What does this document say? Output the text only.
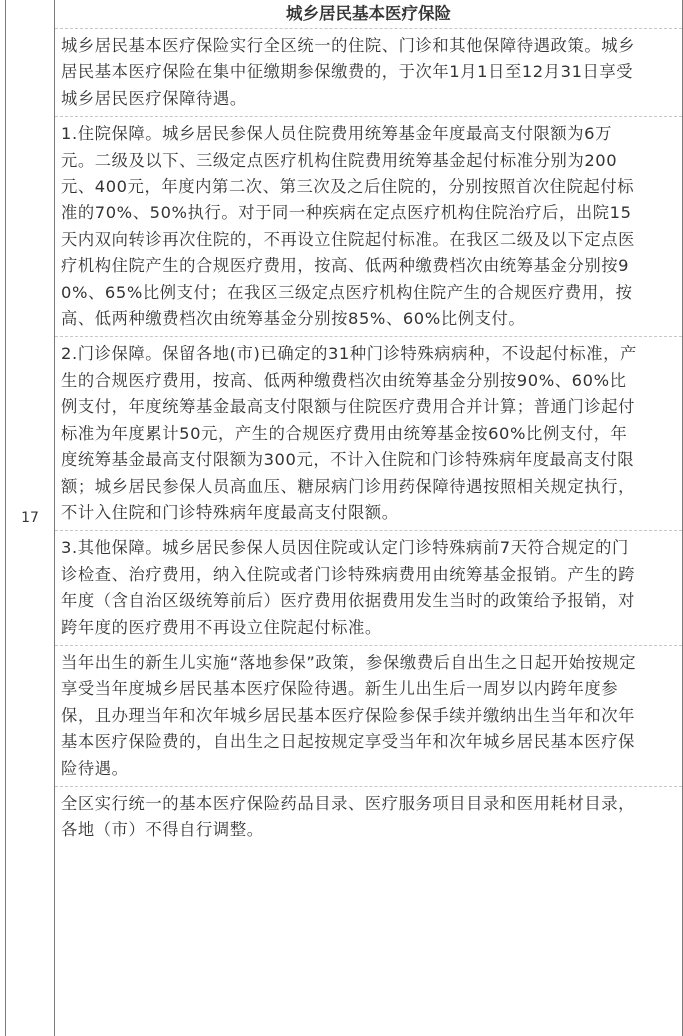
17
城乡居民基本医疗保险
城乡居民基本医疗保险实行全区统一的住院、门诊和其他保障待遇政策。城乡
居民基本医疗保险在集中征缴期参保缴费的，于次年1月1日至12月31日享受
城乡居民医疗保障待遇。
1.住院保障。城乡居民参保人员住院费用统筹基金年度最高支付限额为6万
元。二级及以下、三级定点医疗机构住院费用统筹基金起付标准分别为200
元、400元，年度内第二次、第三次及之后住院的，分别按照首次住院起付标
准的70%、50%执行。对于同一种疾病在定点医疗机构住院治疗后，出院15
天内双向转诊再次住院的，不再设立住院起付标准。在我区二级及以下定点医
疗机构住院产生的合规医疗费用，按高、低两种缴费档次由统筹基金分别按9
0%、65%比例支付；在我区三级定点医疗机构住院产生的合规医疗费用，按
高、低两种缴费档次由统筹基金分别按85%、60%比例支付。
2.门诊保障。保留各地(市)已确定的31种门诊特殊病病种，不设起付标准，产
生的合规医疗费用，按高、低两种缴费档次由统筹基金分别按90%、60%比
例支付，年度统筹基金最高支付限额与住院医疗费用合并计算；普通门诊起付
标准为年度累计50元，产生的合规医疗费用由统筹基金按60%比例支付，年
度统筹基金最高支付限额为300元，不计入住院和门诊特殊病年度最高支付限
额；城乡居民参保人员高血压、糖尿病门诊用药保障待遇按照相关规定执行，
不计入住院和门诊特殊病年度最高支付限额。
3.其他保障。城乡居民参保人员因住院或认定门诊特殊病前7天符合规定的门
诊检查、治疗费用，纳入住院或者门诊特殊病费用由统筹基金报销。产生的跨
年度（含自治区级统筹前后）医疗费用依据费用发生当时的政策给予报销，对
跨年度的医疗费用不再设立住院起付标准。
当年出生的新生儿实施“落地参保”政策，参保缴费后自出生之日起开始按规定
享受当年度城乡居民基本医疗保险待遇。新生儿出生后一周岁以内跨年度参
保，且办理当年和次年城乡居民基本医疗保险参保手续并缴纳出生当年和次年
基本医疗保险费的，自出生之日起按规定享受当年和次年城乡居民基本医疗保
险待遇。
全区实行统一的基本医疗保险药品目录、医疗服务项目目录和医用耗材目录，
各地（市）不得自行调整。
